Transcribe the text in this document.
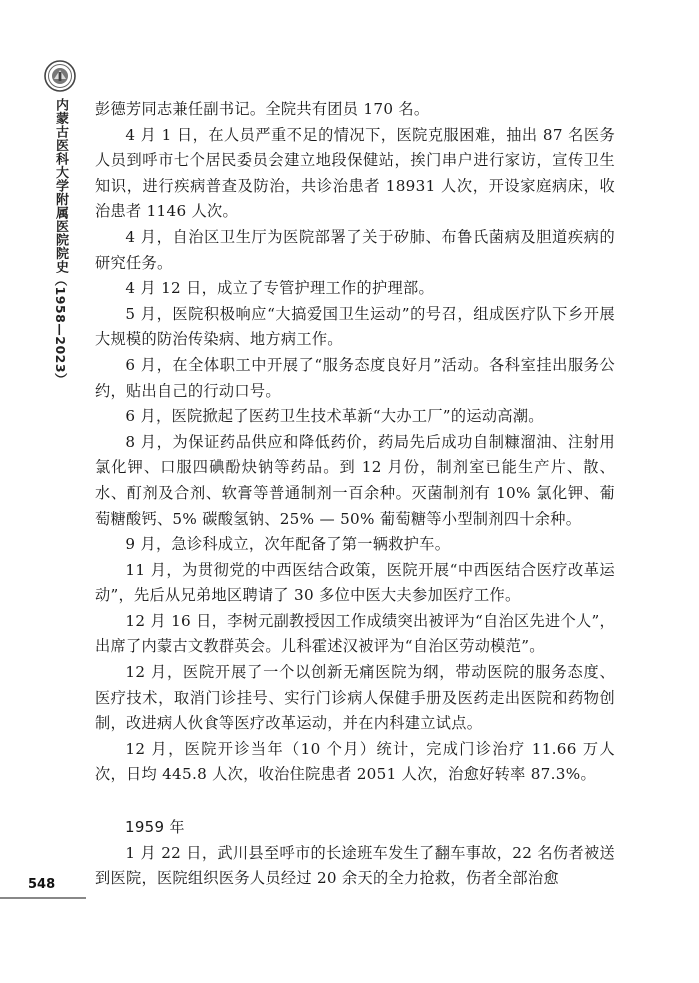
内蒙古医科大学附属医院院史（1958—2023）
548

彭德芳同志兼任副书记。全院共有团员 170 名。

4 月 1 日，在人员严重不足的情况下，医院克服困难，抽出 87 名医务人员到呼市七个居民委员会建立地段保健站，挨门串户进行家访，宣传卫生知识，进行疾病普查及防治，共诊治患者 18931 人次，开设家庭病床，收治患者 1146 人次。

4 月，自治区卫生厅为医院部署了关于矽肺、布鲁氏菌病及胆道疾病的研究任务。

4 月 12 日，成立了专管护理工作的护理部。

5 月，医院积极响应“大搞爱国卫生运动”的号召，组成医疗队下乡开展大规模的防治传染病、地方病工作。

6 月，在全体职工中开展了“服务态度良好月”活动。各科室挂出服务公约，贴出自己的行动口号。

6 月，医院掀起了医药卫生技术革新“大办工厂”的运动高潮。

8 月，为保证药品供应和降低药价，药局先后成功自制糠溜油、注射用氯化钾、口服四碘酚炔钠等药品。到 12 月份，制剂室已能生产片、散、水、酊剂及合剂、软膏等普通制剂一百余种。灭菌制剂有 10% 氯化钾、葡萄糖酸钙、5% 碳酸氢钠、25% — 50% 葡萄糖等小型制剂四十余种。

9 月，急诊科成立，次年配备了第一辆救护车。

11 月，为贯彻党的中西医结合政策，医院开展“中西医结合医疗改革运动”，先后从兄弟地区聘请了 30 多位中医大夫参加医疗工作。

12 月 16 日，李树元副教授因工作成绩突出被评为“自治区先进个人”，出席了内蒙古文教群英会。儿科霍述汉被评为“自治区劳动模范”。

12 月，医院开展了一个以创新无痛医院为纲，带动医院的服务态度、医疗技术，取消门诊挂号、实行门诊病人保健手册及医药走出医院和药物创制，改进病人伙食等医疗改革运动，并在内科建立试点。

12 月，医院开诊当年（10 个月）统计，完成门诊治疗 11.66 万人次，日均 445.8 人次，收治住院患者 2051 人次，治愈好转率 87.3%。

1959 年

1 月 22 日，武川县至呼市的长途班车发生了翻车事故，22 名伤者被送到医院，医院组织医务人员经过 20 余天的全力抢救，伤者全部治愈
